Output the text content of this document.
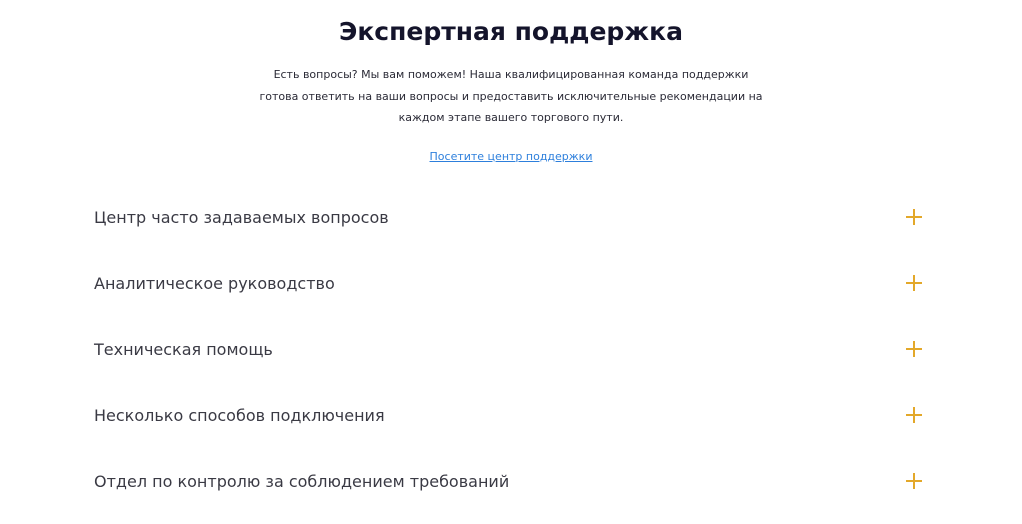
Экспертная поддержка

Есть вопросы? Мы вам поможем! Наша квалифицированная команда поддержки
готова ответить на ваши вопросы и предоставить исключительные рекомендации на
каждом этапе вашего торгового пути.

Посетите центр поддержки
Центр часто задаваемых вопросов
Аналитическое руководство
Техническая помощь
Несколько способов подключения
Отдел по контролю за соблюдением требований
